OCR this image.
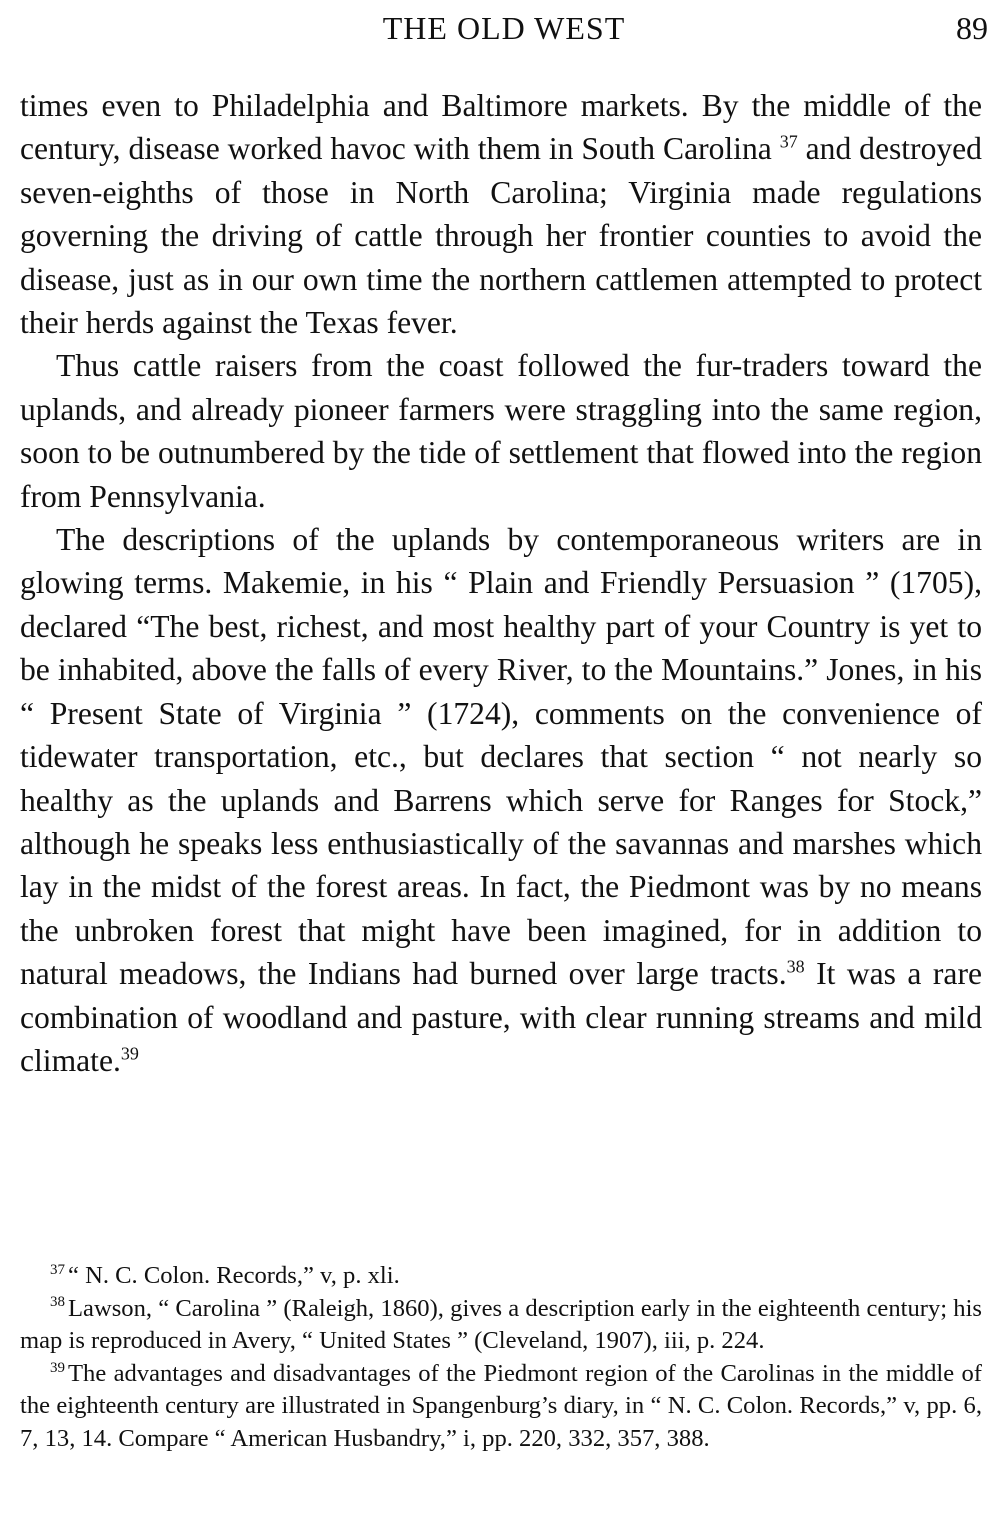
THE OLD WEST	89

times even to Philadelphia and Baltimore markets. By the middle of the century, disease worked havoc with them in South Carolina $^{37}$ and destroyed seven-eighths of those in North Carolina; Virginia made regulations governing the driving of cattle through her frontier counties to avoid the disease, just as in our own time the northern cattlemen attempted to protect their herds against the Texas fever.

Thus cattle raisers from the coast followed the fur-traders toward the uplands, and already pioneer farmers were straggling into the same region, soon to be outnumbered by the tide of settlement that flowed into the region from Pennsylvania.

The descriptions of the uplands by contemporaneous writers are in glowing terms. Makemie, in his “ Plain and Friendly Persuasion ” (1705), declared “The best, richest, and most healthy part of your Country is yet to be inhabited, above the falls of every River, to the Mountains.” Jones, in his “ Present State of Virginia ” (1724), comments on the convenience of tidewater transportation, etc., but declares that section “ not nearly so healthy as the uplands and Barrens which serve for Ranges for Stock,” although he speaks less enthusiastically of the savannas and marshes which lay in the midst of the forest areas. In fact, the Piedmont was by no means the unbroken forest that might have been imagined, for in addition to natural meadows, the Indians had burned over large tracts.$^{38}$ It was a rare combination of woodland and pasture, with clear running streams and mild climate.$^{39}$

$^{37}$ “ N. C. Colon. Records,” v, p. xli.

$^{38}$ Lawson, “ Carolina ” (Raleigh, 1860), gives a description early in the eighteenth century; his map is reproduced in Avery, “ United States ” (Cleveland, 1907), iii, p. 224.

$^{39}$ The advantages and disadvantages of the Piedmont region of the Carolinas in the middle of the eighteenth century are illustrated in Spangenburg’s diary, in “ N. C. Colon. Records,” v, pp. 6, 7, 13, 14. Compare “ American Husbandry,” i, pp. 220, 332, 357, 388.
